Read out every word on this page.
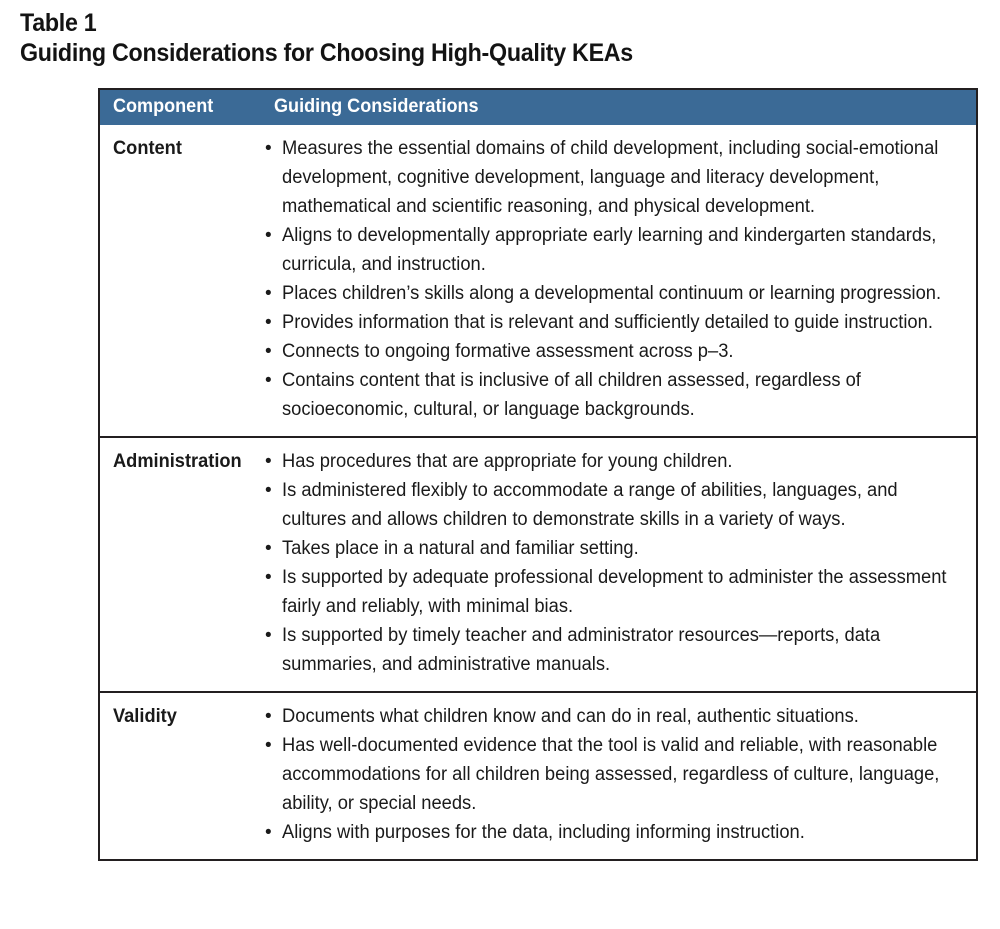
Table 1
Guiding Considerations for Choosing High-Quality KEAs
Component	Guiding Considerations
Content	• Measures the essential domains of child development, including social-emotional development, cognitive development, language and literacy development, mathematical and scientific reasoning, and physical development.
• Aligns to developmentally appropriate early learning and kindergarten standards, curricula, and instruction.
• Places children’s skills along a developmental continuum or learning progression.
• Provides information that is relevant and sufficiently detailed to guide instruction.
• Connects to ongoing formative assessment across p–3.
• Contains content that is inclusive of all children assessed, regardless of socioeconomic, cultural, or language backgrounds.

Administration	• Has procedures that are appropriate for young children.
• Is administered flexibly to accommodate a range of abilities, languages, and cultures and allows children to demonstrate skills in a variety of ways.
• Takes place in a natural and familiar setting.
• Is supported by adequate professional development to administer the assessment fairly and reliably, with minimal bias.
• Is supported by timely teacher and administrator resources—reports, data summaries, and administrative manuals.

Validity	• Documents what children know and can do in real, authentic situations.
• Has well-documented evidence that the tool is valid and reliable, with reasonable accommodations for all children being assessed, regardless of culture, language, ability, or special needs.
• Aligns with purposes for the data, including informing instruction.
